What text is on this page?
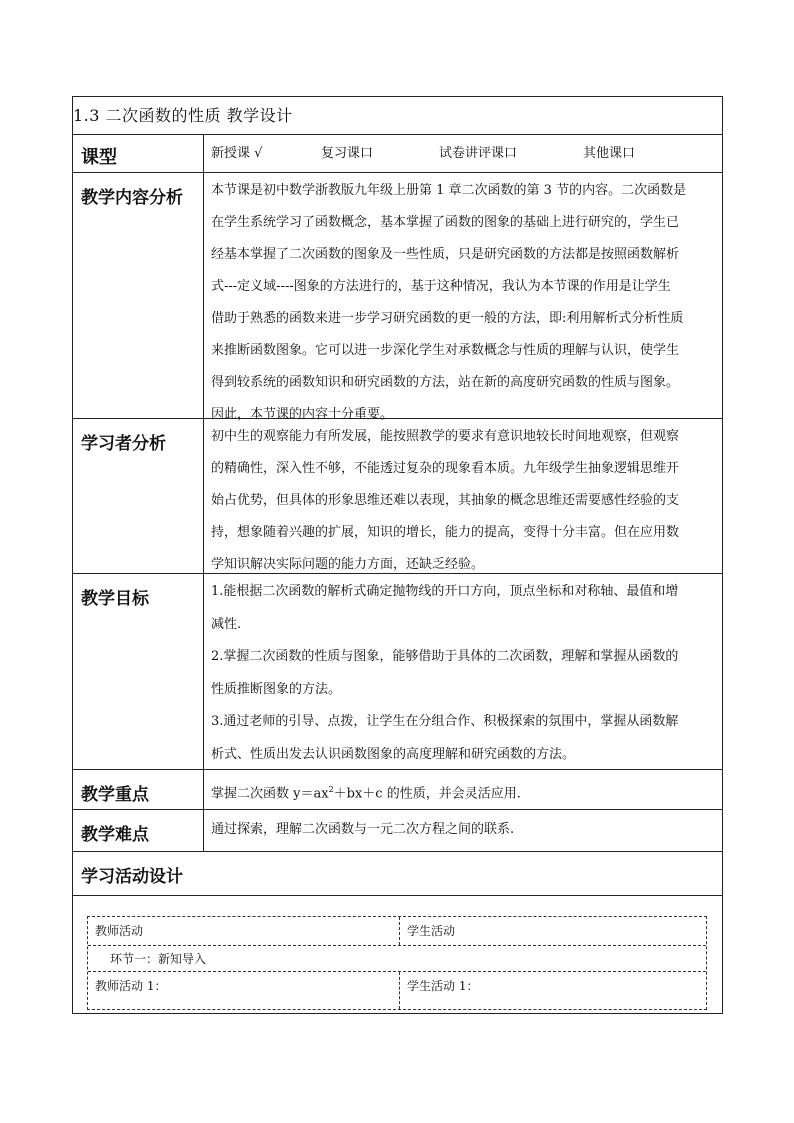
1.3 二次函数的性质 教学设计
课型	新授课 √	复习课口	试卷讲评课口	其他课口
教学内容分析	本节课是初中数学浙教版九年级上册第 1 章二次函数的第 3 节的内容。二次函数是
在学生系统学习了函数概念，基本掌握了函数的图象的基础上进行研究的，学生已
经基本掌握了二次函数的图象及一些性质，只是研究函数的方法都是按照函数解析
式---定义域----图象的方法进行的，基于这种情况，我认为本节课的作用是让学生
借助于熟悉的函数来进一步学习研究函数的更一般的方法，即:利用解析式分析性质
来推断函数图象。它可以进一步深化学生对承数概念与性质的理解与认识，使学生
得到较系统的函数知识和研究函数的方法，站在新的高度研究函数的性质与图象。
因此，本节课的内容十分重要。
学习者分析	初中生的观察能力有所发展，能按照教学的要求有意识地较长时间地观察，但观察
的精确性，深入性不够，不能透过复杂的现象看本质。九年级学生抽象逻辑思维开
始占优势，但具体的形象思维还难以表现，其抽象的概念思维还需要感性经验的支
持，想象随着兴趣的扩展，知识的增长，能力的提高，变得十分丰富。但在应用数
学知识解决实际问题的能力方面，还缺乏经验。
教学目标	1.能根据二次函数的解析式确定抛物线的开口方向，顶点坐标和对称轴、最值和增
减性.
2.掌握二次函数的性质与图象，能够借助于具体的二次函数，理解和掌握从函数的
性质推断图象的方法。
3.通过老师的引导、点拨，让学生在分组合作、积极探索的氛围中，掌握从函数解
析式、性质出发去认识函数图象的高度理解和研究函数的方法。
教学重点	掌握二次函数 $y=ax^2+bx+c$ 的性质，并会灵活应用.
教学难点	通过探索，理解二次函数与一元二次方程之间的联系.
学习活动设计
教师活动	学生活动
环节一：新知导入
教师活动 1：	学生活动 1：
